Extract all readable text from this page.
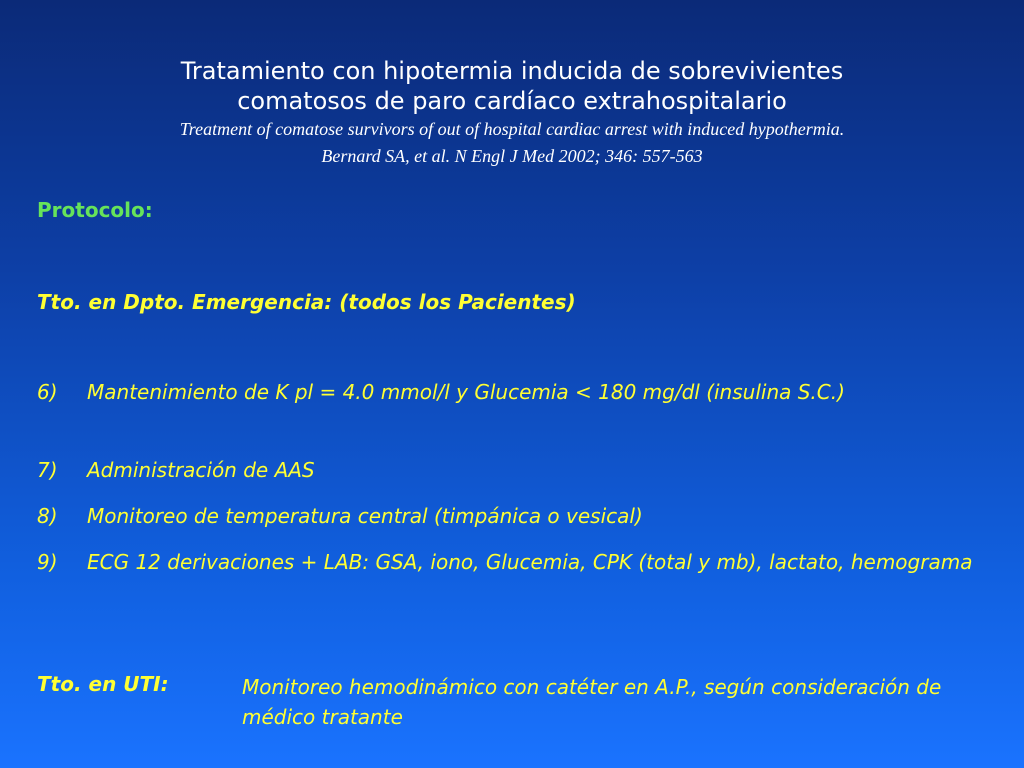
Tratamiento con hipotermia inducida de sobrevivientes
comatosos de paro cardíaco extrahospitalario
Treatment of comatose survivors of out of hospital cardiac arrest with induced hypothermia.
Bernard SA, et al. N Engl J Med 2002; 346: 557-563
Protocolo:
Tto. en Dpto. Emergencia: (todos los Pacientes)
6)	Mantenimiento de K pl = 4.0 mmol/l y Glucemia < 180 mg/dl (insulina S.C.)
7)	Administración de AAS
8)	Monitoreo de temperatura central (timpánica o vesical)
9)	ECG 12 derivaciones + LAB: GSA, iono, Glucemia, CPK (total y mb), lactato, hemograma
Tto. en UTI:	Monitoreo hemodinámico con catéter en A.P., según consideración de médico tratante
